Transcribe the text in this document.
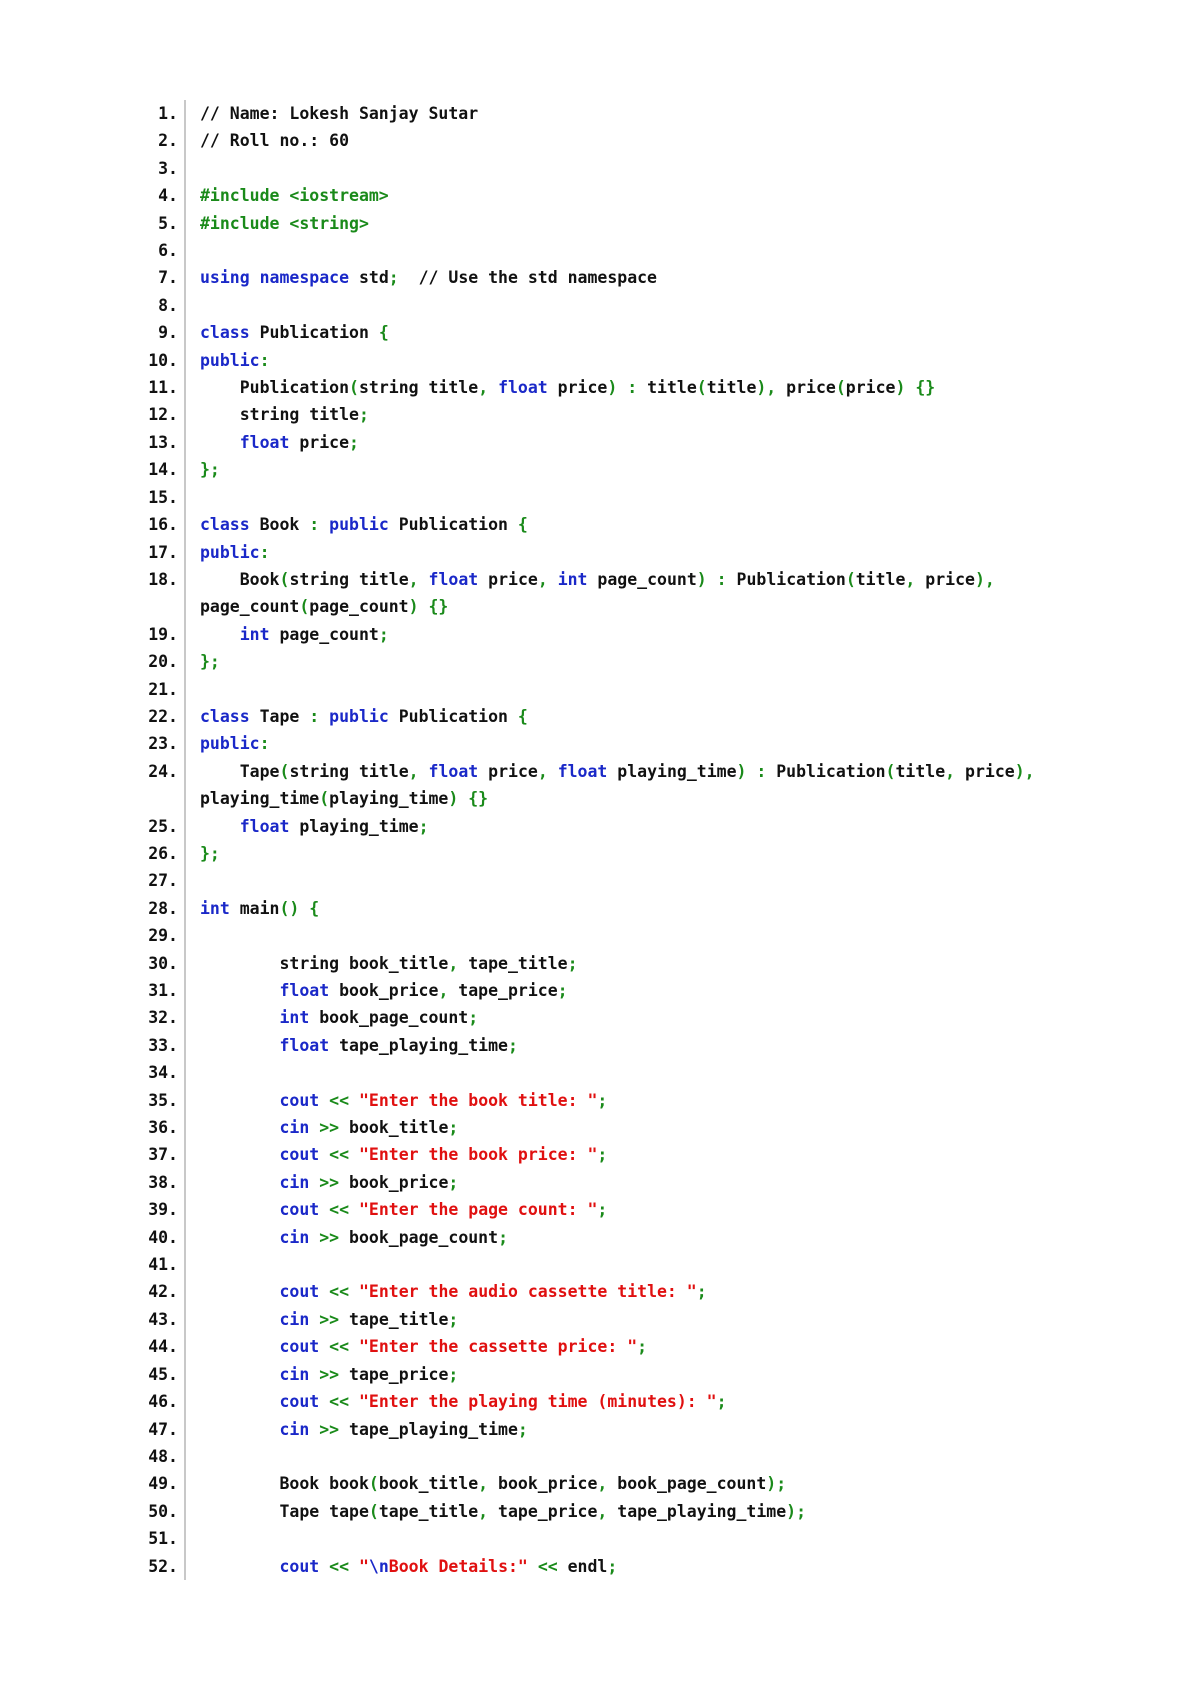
1.	// Name: Lokesh Sanjay Sutar
2.	// Roll no.: 60
3.	
4.	#include <iostream>
5.	#include <string>
6.	
7.	using namespace std; // Use the std namespace
8.	
9.	class Publication {
10.	public:
11.	Publication(string title, float price) : title(title), price(price) {}
12.	string title;
13.	float price;
14.	};
15.	
16.	class Book : public Publication {
17.	public:
18.	Book(string title, float price, int page_count) : Publication(title, price),
page_count(page_count) {}
19.	int page_count;
20.	};
21.	
22.	class Tape : public Publication {
23.	public:
24.	Tape(string title, float price, float playing_time) : Publication(title, price),
playing_time(playing_time) {}
25.	float playing_time;
26.	};
27.	
28.	int main() {
29.	
30.	string book_title, tape_title;
31.	float book_price, tape_price;
32.	int book_page_count;
33.	float tape_playing_time;
34.	
35.	cout << "Enter the book title: ";
36.	cin >> book_title;
37.	cout << "Enter the book price: ";
38.	cin >> book_price;
39.	cout << "Enter the page count: ";
40.	cin >> book_page_count;
41.	
42.	cout << "Enter the audio cassette title: ";
43.	cin >> tape_title;
44.	cout << "Enter the cassette price: ";
45.	cin >> tape_price;
46.	cout << "Enter the playing time (minutes): ";
47.	cin >> tape_playing_time;
48.	
49.	Book book(book_title, book_price, book_page_count);
50.	Tape tape(tape_title, tape_price, tape_playing_time);
51.	
52.	cout << "\nBook Details:" << endl;
